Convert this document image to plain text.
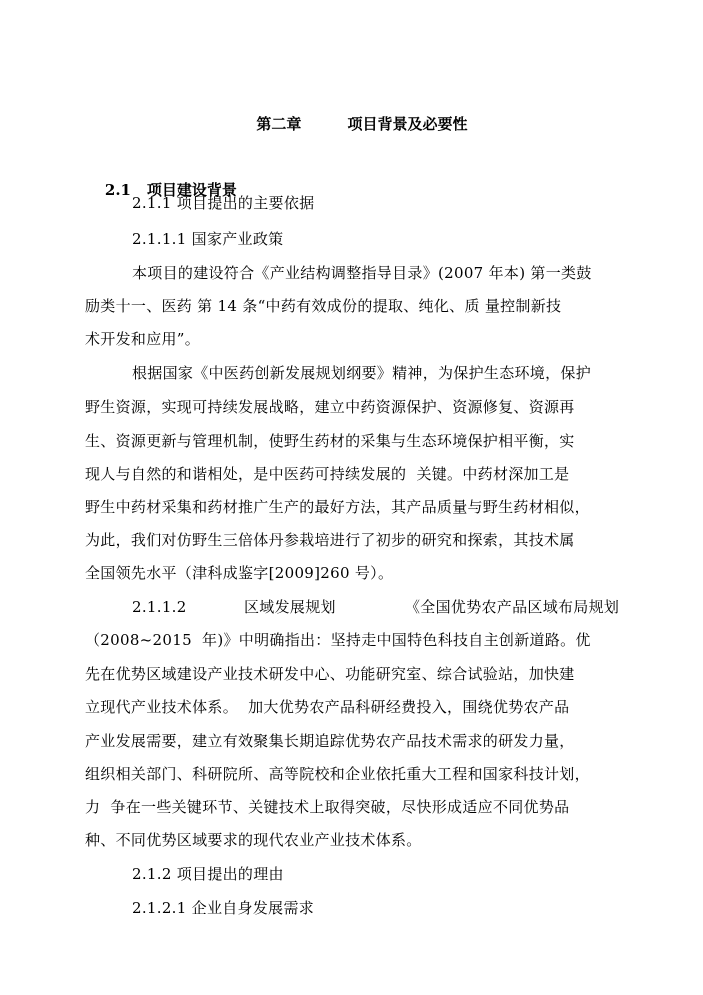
第二章	项目背景及必要性

2.1 项目建设背景

2.1.1 项目提出的主要依据
2.1.1.1 国家产业政策
本项目的建设符合《产业结构调整指导目录》(2007 年本) 第一类鼓
励类十一、医药 第 14 条“中药有效成份的提取、纯化、质 量控制新技
术开发和应用”。
根据国家《中医药创新发展规划纲要》精神，为保护生态环境，保护
野生资源，实现可持续发展战略，建立中药资源保护、资源修复、资源再
生、资源更新与管理机制，使野生药材的采集与生态环境保护相平衡，实
现人与自然的和谐相处，是中医药可持续发展的  关键。中药材深加工是
野生中药材采集和药材推广生产的最好方法，其产品质量与野生药材相似，
为此，我们对仿野生三倍体丹参栽培进行了初步的研究和探索，其技术属
全国领先水平（津科成鉴字[2009]260 号）。
2.1.1.2	区域发展规划	《全国优势农产品区域布局规划
（2008~2015  年)》中明确指出：坚持走中国特色科技自主创新道路。优
先在优势区域建设产业技术研发中心、功能研究室、综合试验站，加快建
立现代产业技术体系。  加大优势农产品科研经费投入，围绕优势农产品
产业发展需要，建立有效聚集长期追踪优势农产品技术需求的研发力量，
组织相关部门、科研院所、高等院校和企业依托重大工程和国家科技计划，
力  争在一些关键环节、关键技术上取得突破，尽快形成适应不同优势品
种、不同优势区域要求的现代农业产业技术体系。
2.1.2 项目提出的理由
2.1.2.1 企业自身发展需求
